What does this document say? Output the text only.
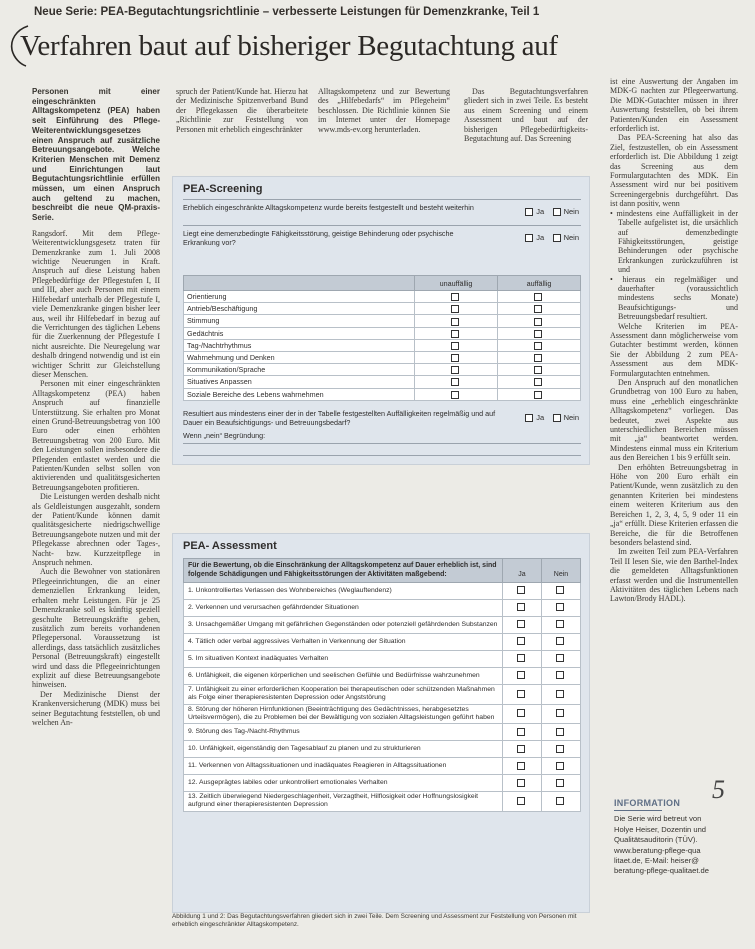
Neue Serie: PEA-Begutachtungsrichtlinie – verbesserte Leistungen für Demenzkranke, Teil 1
Verfahren baut auf bisheriger Begutachtung auf

Personen mit einer eingeschränkten Alltagskompetenz (PEA) haben seit Einführung des Pflege-Weiterentwicklungsgesetzes einen Anspruch auf zusätzliche Betreuungsangebote. Welche Kriterien Menschen mit Demenz und Einrichtungen laut Begutachtungsrichtlinie erfüllen müssen, um einen Anspruch auch geltend zu machen, beschreibt die neue QM-praxis-Serie.

Rangsdorf. Mit dem Pflege-Weiterentwicklungsgesetz traten für Demenzkranke zum 1. Juli 2008 wichtige Neuerungen in Kraft. Anspruch auf diese Leistung haben Pflegebedürftige der Pflegestufen I, II und III, aber auch Personen mit einem Hilfebedarf unterhalb der Pflegestufe I, viele Demenzkranke gingen bisher leer aus, weil ihr Hilfebedarf in bezug auf die Verrichtungen des täglichen Lebens für die Zuerkennung der Pflegestufe I nicht ausreichte. Die Neuregelung war deshalb dringend notwendig und ist ein wichtiger Schritt zur Gleichstellung dieser Menschen.

Personen mit einer eingeschränkten Alltagskompetenz (PEA) haben Anspruch auf finanzielle Unterstützung. Sie erhalten pro Monat einen Grund-Betreuungsbetrag von 100 Euro oder einen erhöhten Betreuungsbetrag von 200 Euro. Mit den Leistungen sollen insbesondere die Pflegenden entlastet werden und die Patienten/Kunden selbst sollen von aktivierenden und qualitätsgesicherten Betreuungsangeboten profitieren.

Die Leistungen werden deshalb nicht als Geldleistungen ausgezahlt, sondern der Patient/Kunde können damit qualitätsgesicherte niedrigschwellige Betreuungsangebote nutzen und mit der Pflegekasse abrechnen oder Tages-, Nacht- bzw. Kurzzeitpflege in Anspruch nehmen.

Auch die Bewohner von stationären Pflegeeinrichtungen, die an einer demenziellen Erkrankung leiden, erhalten mehr Leistungen. Für je 25 Demenzkranke soll es künftig speziell geschulte Betreuungskräfte geben, zusätzlich zum bereits vorhandenen Pflegepersonal. Voraussetzung ist allerdings, dass tatsächlich zusätzliches Personal (Betreuungskraft) eingestellt wird und dass die Pflegeeinrichtungen explizit auf diese Betreuungsangebote hinweisen.

Der Medizinische Dienst der Krankenversicherung (MDK) muss bei seiner Begutachtung feststellen, ob und welchen An-

spruch der Patient/Kunde hat. Hierzu hat der Medizinische Spitzenverband Bund der Pflegekassen die überarbeitete „Richtlinie zur Feststellung von Personen mit erheblich eingeschränkter

Alltagskompetenz und zur Bewertung des „Hilfebedarfs“ im Pflegeheim“ beschlossen. Die Richtlinie können Sie im Internet unter der Homepage www.mds-ev.org herunterladen.

Das Begutachtungsverfahren gliedert sich in zwei Teile. Es besteht aus einem Screening und einem Assessment und baut auf der bisherigen Pflegebedürftigkeits-Begutachtung auf. Das Screening

ist eine Auswertung der Angaben im MDK-G nachten zur Pflegeerwartung. Die MDK-Gutachter müssen in ihrer Auswertung feststellen, ob bei ihrem Patienten/Kunden ein Assessment erforderlich ist.

Das PEA-Screening hat also das Ziel, festzustellen, ob ein Assessment erforderlich ist. Die Abbildung 1 zeigt das Screening aus dem Formulargutachten des MDK. Ein Assessment wird nur bei positivem Screeningergebnis durchgeführt. Das ist dann positiv, wenn

• mindestens eine Auffälligkeit in der Tabelle aufgelistet ist, die ursächlich auf demenzbedingte Fähigkeitsstörungen, geistige Behinderungen oder psychische Erkrankungen zurückzuführen ist und

• hieraus ein regelmäßiger und dauerhafter (voraussichtlich mindestens sechs Monate) Beaufsichtigungs- und Betreuungsbedarf resultiert.

Welche Kriterien im PEA-Assessment dann möglicherweise vom Gutachter bestimmt werden, können Sie der Abbildung 2 zum PEA-Assessment aus dem MDK-Formulargutachten entnehmen.

Den Anspruch auf den monatlichen Grundbetrag von 100 Euro zu haben, muss eine „erheblich eingeschränkte Alltagskompetenz“ vorliegen. Das bedeutet, zwei Aspekte aus unterschiedlichen Bereichen müssen mit „ja“ beantwortet werden. Mindestens einmal muss ein Kriterium aus den Bereichen 1 bis 9 erfüllt sein.

Den erhöhten Betreuungsbetrag in Höhe von 200 Euro erhält ein Patient/Kunde, wenn zusätzlich zu den genannten Kriterien bei mindestens einem weiteren Kriterium aus den Bereichen 1, 2, 3, 4, 5, 9 oder 11 ein „ja“ erfüllt. Diese Kriterien erfassen die Bereiche, die für die Betroffenen besonders belastend sind.

Im zweiten Teil zum PEA-Verfahren Teil II lesen Sie, wie den Barthel-Index die gemeldeten Alltagsfunktionen erfasst werden und die Instrumentellen Aktivitäten des täglichen Lebens nach Lawton/Brody HADL).

PEA-Screening
Erheblich eingeschränkte Alltagskompetenz wurde bereits festgestellt und besteht weiterhin	Ja	Nein
Liegt eine demenzbedingte Fähigkeitsstörung, geistige Behinderung oder psychische Erkrankung vor?
Ja	Nein
	unauffällig	auffällig
Orientierung		
Antrieb/Beschäftigung		
Stimmung		
Gedächtnis		
Tag-/Nachtrhythmus		
Wahrnehmung und Denken		
Kommunikation/Sprache		
Situatives Anpassen		
Soziale Bereiche des Lebens wahrnehmen		
Resultiert aus mindestens einer der in der Tabelle festgestellten Auffälligkeiten regelmäßig und auf Dauer ein Beaufsichtigungs- und Betreuungsbedarf?
Ja	Nein
Wenn „nein“ Begründung:
PEA- Assessment
Für die Bewertung, ob die Einschränkung der Alltagskompetenz auf Dauer erheblich ist, sind folgende Schädigungen und Fähigkeitsstörungen der Aktivitäten maßgebend:	Ja	Nein
1. Unkontrolliertes Verlassen des Wohnbereiches (Weglauftendenz)		
2. Verkennen und verursachen gefährdender Situationen		
3. Unsachgemäßer Umgang mit gefährlichen Gegenständen oder potenziell gefährdenden Substanzen		
4. Tätlich oder verbal aggressives Verhalten in Verkennung der Situation		
5. Im situativen Kontext inadäquates Verhalten		
6. Unfähigkeit, die eigenen körperlichen und seelischen Gefühle und Bedürfnisse wahrzunehmen		
7. Unfähigkeit zu einer erforderlichen Kooperation bei therapeutischen oder schützenden Maßnahmen als Folge einer therapieresistenten Depression oder Angststörung		
8. Störung der höheren Hirnfunktionen (Beeinträchtigung des Gedächtnisses, herabgesetztes Urteilsvermögen), die zu Problemen bei der Bewältigung von sozialen Alltagsleistungen geführt haben		
9. Störung des Tag-/Nacht-Rhythmus		
10. Unfähigkeit, eigenständig den Tagesablauf zu planen und zu strukturieren		
11. Verkennen von Alltagssituationen und inadäquates Reagieren in Alltagssituationen		
12. Ausgeprägtes labiles oder unkontrolliert emotionales Verhalten		
13. Zeitlich überwiegend Niedergeschlagenheit, Verzagtheit, Hilflosigkeit oder Hoffnungslosigkeit aufgrund einer therapieresistenten Depression		
Abbildung 1 und 2: Das Begutachtungsverfahren gliedert sich in zwei Teile. Dem Screening und Assessment zur Feststellung von Personen mit erheblich eingeschränkter Alltagskompetenz.
5
INFORMATION
Die Serie wird betreut von
Holye Heiser, Dozentin und
Qualitätsauditorin (TÜV).
www.beratung-pflege-qua
litaet.de, E-Mail: heiser@
beratung-pflege-qualitaet.de
